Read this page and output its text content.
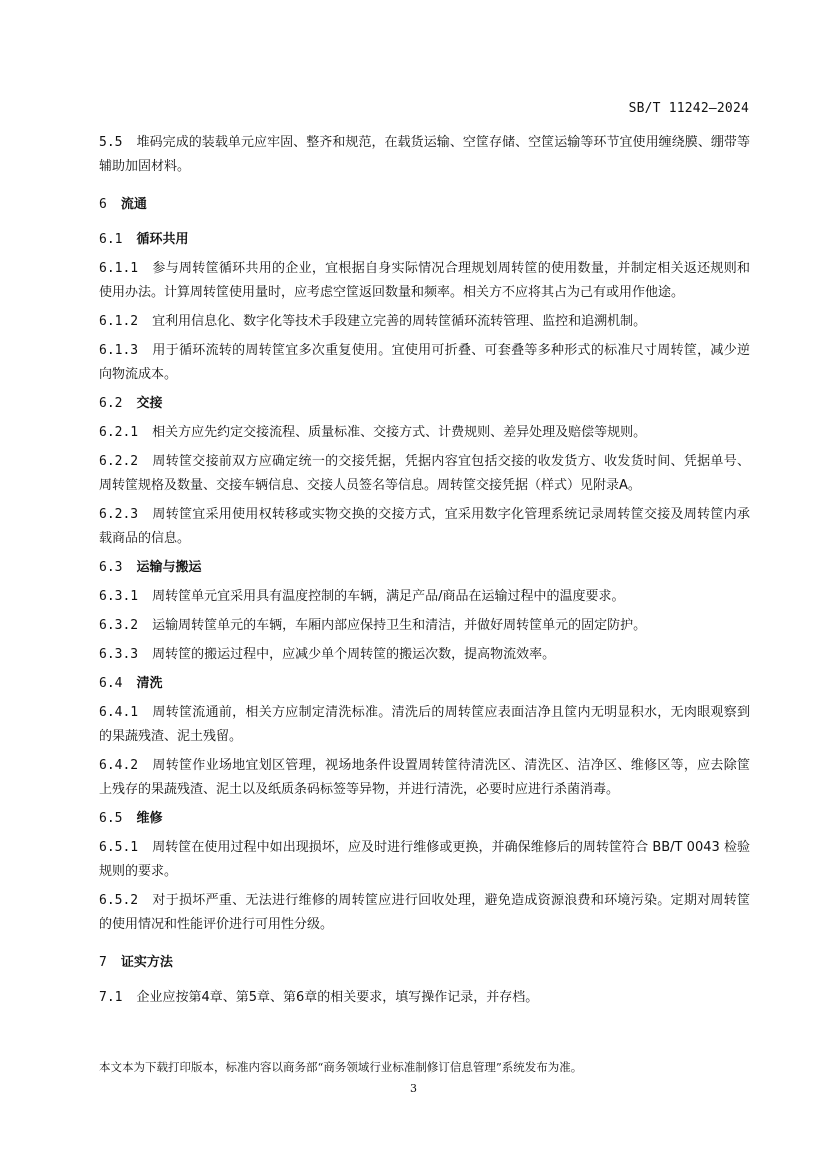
SB/T 11242—2024

5.5 堆码完成的装载单元应牢固、整齐和规范，在载货运输、空筐存储、空筐运输等环节宜使用缠绕膜、绷带等辅助加固材料。

6 流通

6.1 循环共用

6.1.1 参与周转筐循环共用的企业，宜根据自身实际情况合理规划周转筐的使用数量，并制定相关返还规则和使用办法。计算周转筐使用量时，应考虑空筐返回数量和频率。相关方不应将其占为己有或用作他途。

6.1.2 宜利用信息化、数字化等技术手段建立完善的周转筐循环流转管理、监控和追溯机制。

6.1.3 用于循环流转的周转筐宜多次重复使用。宜使用可折叠、可套叠等多种形式的标准尺寸周转筐，减少逆向物流成本。

6.2 交接

6.2.1 相关方应先约定交接流程、质量标准、交接方式、计费规则、差异处理及赔偿等规则。

6.2.2 周转筐交接前双方应确定统一的交接凭据，凭据内容宜包括交接的收发货方、收发货时间、凭据单号、周转筐规格及数量、交接车辆信息、交接人员签名等信息。周转筐交接凭据（样式）见附录A。

6.2.3 周转筐宜采用使用权转移或实物交换的交接方式，宜采用数字化管理系统记录周转筐交接及周转筐内承载商品的信息。

6.3 运输与搬运

6.3.1 周转筐单元宜采用具有温度控制的车辆，满足产品/商品在运输过程中的温度要求。

6.3.2 运输周转筐单元的车辆，车厢内部应保持卫生和清洁，并做好周转筐单元的固定防护。

6.3.3 周转筐的搬运过程中，应减少单个周转筐的搬运次数，提高物流效率。

6.4 清洗

6.4.1 周转筐流通前，相关方应制定清洗标准。清洗后的周转筐应表面洁净且筐内无明显积水，无肉眼观察到的果蔬残渣、泥土残留。

6.4.2 周转筐作业场地宜划区管理，视场地条件设置周转筐待清洗区、清洗区、洁净区、维修区等，应去除筐上残存的果蔬残渣、泥土以及纸质条码标签等异物，并进行清洗，必要时应进行杀菌消毒。

6.5 维修

6.5.1 周转筐在使用过程中如出现损坏，应及时进行维修或更换，并确保维修后的周转筐符合 BB/T 0043 检验规则的要求。

6.5.2 对于损坏严重、无法进行维修的周转筐应进行回收处理，避免造成资源浪费和环境污染。定期对周转筐的使用情况和性能评价进行可用性分级。

7 证实方法

7.1 企业应按第4章、第5章、第6章的相关要求，填写操作记录，并存档。

本文本为下载打印版本，标准内容以商务部“商务领域行业标准制修订信息管理”系统发布为准。
3
